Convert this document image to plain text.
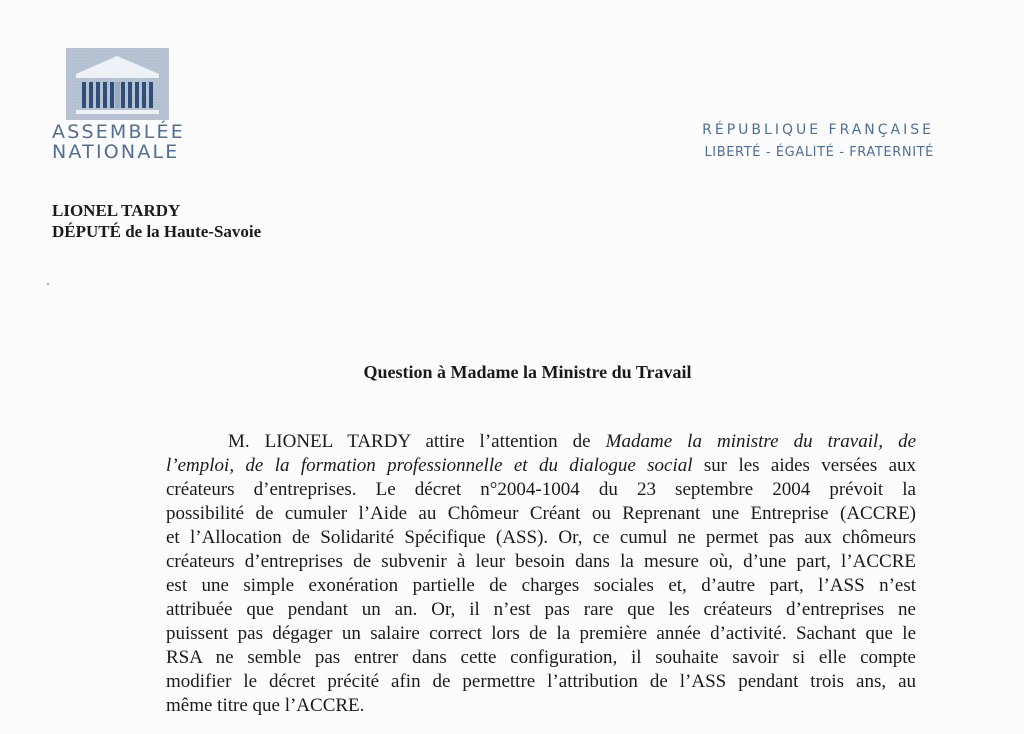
ASSEMBLÉE
NATIONALE
RÉPUBLIQUE FRANÇAISE
LIBERTÉ - ÉGALITÉ - FRATERNITÉ
LIONEL TARDY
DÉPUTÉ de la Haute-Savoie
Question à Madame la Ministre du Travail
M. LIONEL TARDY attire l’attention de Madame la ministre du travail, de
l’emploi, de la formation professionnelle et du dialogue social sur les aides versées aux
créateurs d’entreprises. Le décret n°2004-1004 du 23 septembre 2004 prévoit la
possibilité de cumuler l’Aide au Chômeur Créant ou Reprenant une Entreprise (ACCRE)
et l’Allocation de Solidarité Spécifique (ASS). Or, ce cumul ne permet pas aux chômeurs
créateurs d’entreprises de subvenir à leur besoin dans la mesure où, d’une part, l’ACCRE
est une simple exonération partielle de charges sociales et, d’autre part, l’ASS n’est
attribuée que pendant un an. Or, il n’est pas rare que les créateurs d’entreprises ne
puissent pas dégager un salaire correct lors de la première année d’activité. Sachant que le
RSA ne semble pas entrer dans cette configuration, il souhaite savoir si elle compte
modifier le décret précité afin de permettre l’attribution de l’ASS pendant trois ans, au
même titre que l’ACCRE.
